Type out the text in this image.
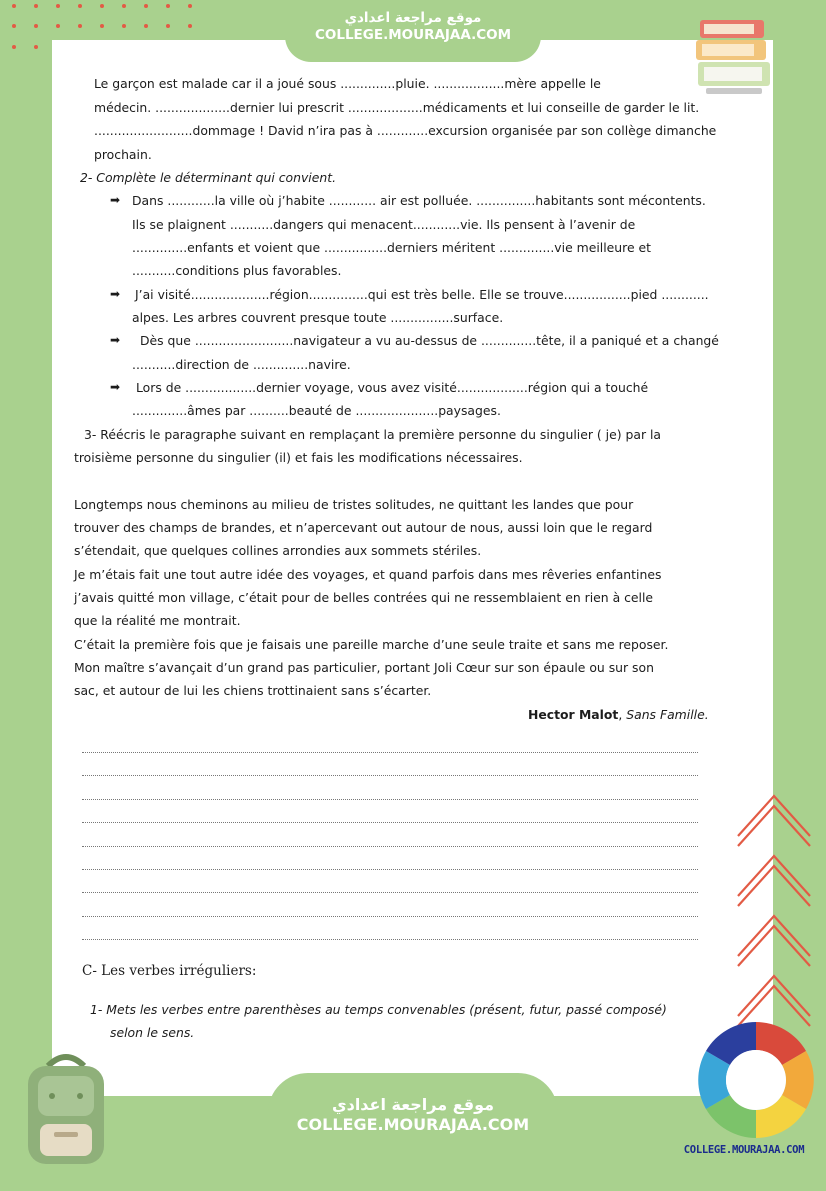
Le garçon est malade car il a joué sous ..............pluie. ..................mère appelle le
médecin. ...................dernier lui prescrit ...................médicaments et lui conseille de garder le lit.
.........................dommage ! David n’ira pas à .............excursion organisée par son collège dimanche
prochain.
2- Complète le déterminant qui convient.
➡ Dans ............la ville où j’habite ............ air est polluée. ...............habitants sont mécontents.
Ils se plaignent ...........dangers qui menacent............vie. Ils pensent à l’avenir de
..............enfants et voient que ................derniers méritent ..............vie meilleure et
...........conditions plus favorables.
➡ J’ai visité....................région...............qui est très belle. Elle se trouve.................pied ............
alpes. Les arbres couvrent presque toute ................surface.
➡ Dès que .........................navigateur a vu au-dessus de ..............tête, il a paniqué et a changé
...........direction de ..............navire.
➡ Lors de ..................dernier voyage, vous avez visité..................région qui a touché
..............âmes par ..........beauté de .....................paysages.
3- Réécris le paragraphe suivant en remplaçant la première personne du singulier ( je) par la
troisième personne du singulier (il) et fais les modifications nécessaires.
Longtemps nous cheminons au milieu de tristes solitudes, ne quittant les landes que pour
trouver des champs de brandes, et n’apercevant out autour de nous, aussi loin que le regard
s’étendait, que quelques collines arrondies aux sommets stériles.
Je m’étais fait une tout autre idée des voyages, et quand parfois dans mes rêveries enfantines
j’avais quitté mon village, c’était pour de belles contrées qui ne ressemblaient en rien à celle
que la réalité me montrait.
C’était la première fois que je faisais une pareille marche d’une seule traite et sans me reposer.
Mon maître s’avançait d’un grand pas particulier, portant Joli Cœur sur son épaule ou sur son
sac, et autour de lui les chiens trottinaient sans s’écarter.
Hector Malot, Sans Famille.
C- Les verbes irréguliers:
1- Mets les verbes entre parenthèses au temps convenables (présent, futur, passé composé)
selon le sens.
موقع مراجعة اعدادي
COLLEGE.MOURAJAA.COM
COLLEGE.MOURAJAA.COM
موقع مراجعة اعدادي
COLLEGE.MOURAJAA.COM
